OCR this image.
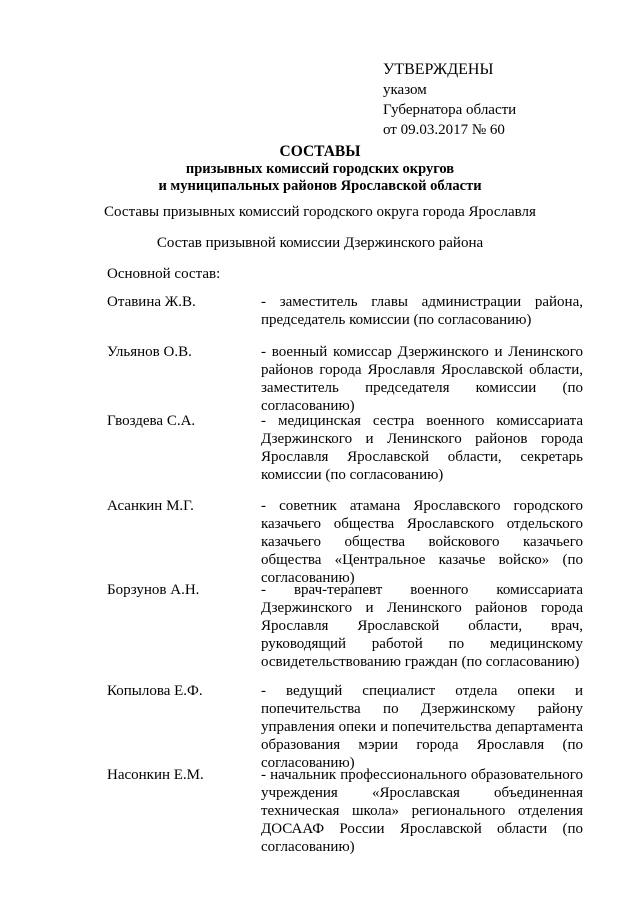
УТВЕРЖДЕНЫ
указом
Губернатора области
от 09.03.2017 № 60
СОСТАВЫ
призывных комиссий городских округов
и муниципальных районов Ярославской области
Составы призывных комиссий городского округа города Ярославля
Состав призывной комиссии Дзержинского района
Основной состав:
Отавина Ж.В.	- заместитель главы администрации района, председатель комиссии (по согласованию)
Ульянов О.В.	- военный комиссар Дзержинского и Ленинского районов города Ярославля Ярославской области, заместитель председателя комиссии (по согласованию)
Гвоздева С.А.	- медицинская сестра военного комиссариата Дзержинского и Ленинского районов города Ярославля Ярославской области, секретарь комиссии (по согласованию)
Асанкин М.Г.	- советник атамана Ярославского городского казачьего общества Ярославского отдельского казачьего общества войскового казачьего общества «Центральное казачье войско» (по согласованию)
Борзунов А.Н.	- врач-терапевт военного комиссариата Дзержинского и Ленинского районов города Ярославля Ярославской области, врач, руководящий работой по медицинскому освидетельствованию граждан (по согласованию)
Копылова Е.Ф.	- ведущий специалист отдела опеки и попечительства по Дзержинскому району управления опеки и попечительства департамента образования мэрии города Ярославля (по согласованию)
Насонкин Е.М.	- начальник профессионального образовательного учреждения «Ярославская объединенная техническая школа» регионального отделения ДОСААФ России Ярославской области (по согласованию)
